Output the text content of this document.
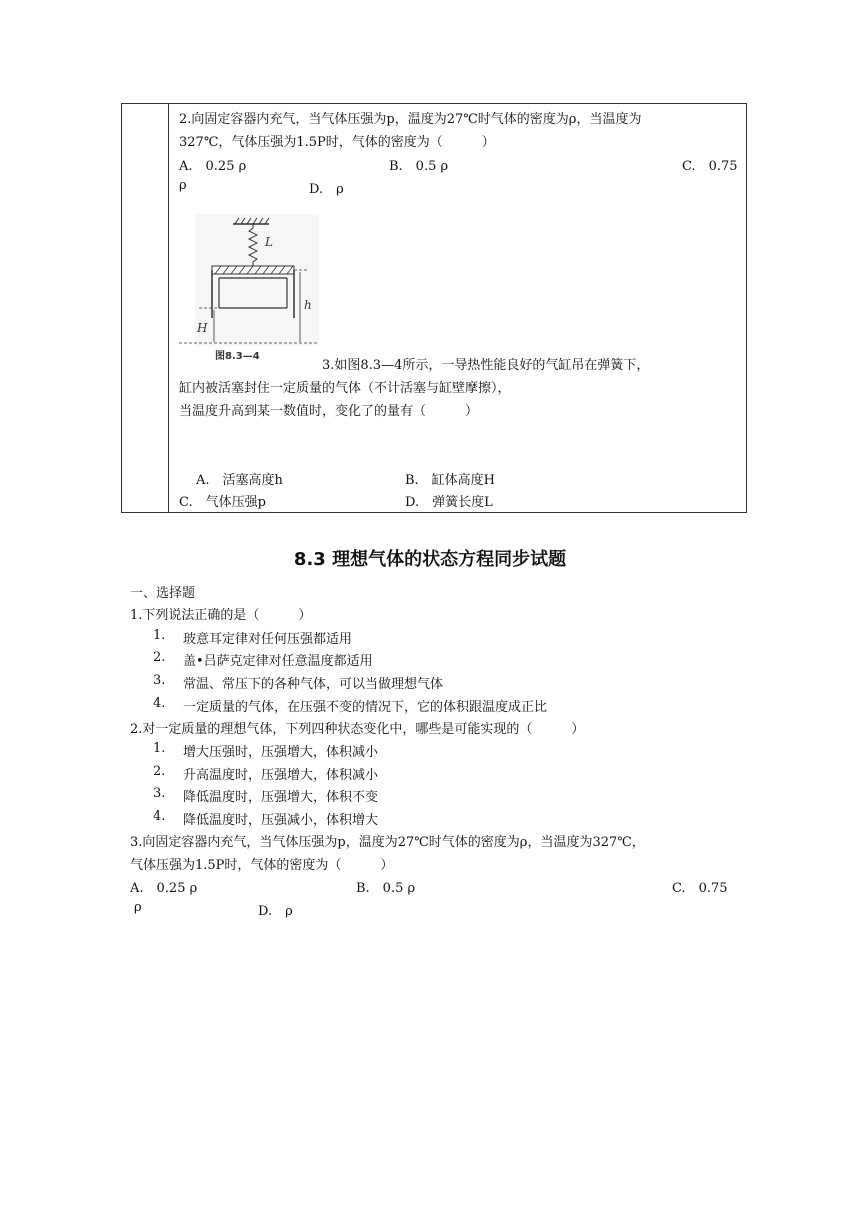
2.向固定容器内充气，当气体压强为p，温度为27℃时气体的密度为ρ，当温度为
327℃，气体压强为1.5P时，气体的密度为（　　　）
A.　0.25 ρ	B.　0.5 ρ	C.　0.75
ρ	D.　ρ
L
h
H
图8.3—4
3.如图8.3—4所示，一导热性能良好的气缸吊在弹簧下，
缸内被活塞封住一定质量的气体（不计活塞与缸壁摩擦），
当温度升高到某一数值时，变化了的量有（　　　）
A.　活塞高度h	B.　缸体高度H
C.　气体压强p	D.　弹簧长度L
8.3 理想气体的状态方程同步试题
一、选择题
1.下列说法正确的是（　　　）
1. 玻意耳定律对任何压强都适用
2. 盖•吕萨克定律对任意温度都适用
3. 常温、常压下的各种气体，可以当做理想气体
4. 一定质量的气体，在压强不变的情况下，它的体积跟温度成正比
2.对一定质量的理想气体，下列四种状态变化中，哪些是可能实现的（　　　）
1. 增大压强时，压强增大，体积减小
2. 升高温度时，压强增大，体积减小
3. 降低温度时，压强增大，体积不变
4. 降低温度时，压强减小，体积增大
3.向固定容器内充气，当气体压强为p，温度为27℃时气体的密度为ρ，当温度为327℃，
气体压强为1.5P时，气体的密度为（　　　）
A.　0.25 ρ	B.　0.5 ρ	C.　0.75
ρ	D.　ρ
